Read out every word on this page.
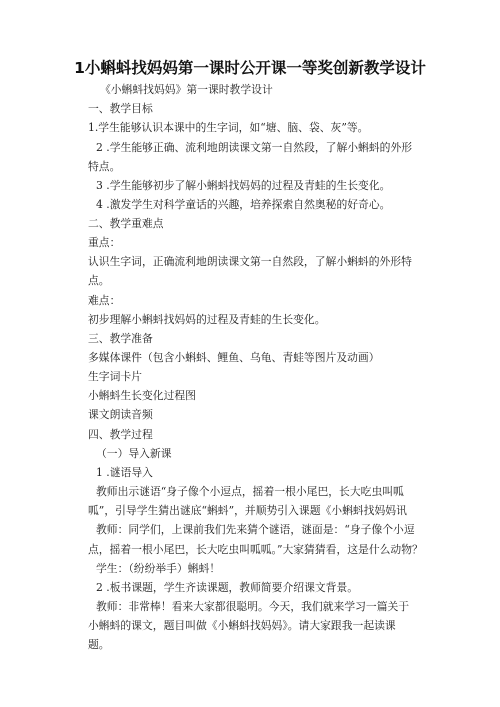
1小蝌蚪找妈妈第一课时公开课一等奖创新教学设计
《小蝌蚪找妈妈》第一课时教学设计
一、教学目标
1.学生能够认识本课中的生字词，如“塘、脑、袋、灰”等。
2 .学生能够正确、流利地朗读课文第一自然段，了解小蝌蚪的外形
特点。
3 .学生能够初步了解小蝌蚪找妈妈的过程及青蛙的生长变化。
4 .激发学生对科学童话的兴趣，培养探索自然奥秘的好奇心。
二、教学重难点
重点：
认识生字词，正确流利地朗读课文第一自然段，了解小蝌蚪的外形特
点。
难点：
初步理解小蝌蚪找妈妈的过程及青蛙的生长变化。
三、教学准备
多媒体课件（包含小蝌蚪、鲤鱼、乌龟、青蛙等图片及动画）
生字词卡片
小蝌蚪生长变化过程图
课文朗读音频
四、教学过程
（一）导入新课
1 .谜语导入
教师出示谜语“身子像个小逗点，摇着一根小尾巴，长大吃虫叫呱
呱”，引导学生猜出谜底“蝌蚪”，并顺势引入课题《小蝌蚪找妈妈讯
教师：同学们，上课前我们先来猜个谜语，谜面是：“身子像个小逗
点，摇着一根小尾巴，长大吃虫叫呱呱。”大家猜猜看，这是什么动物？
学生：（纷纷举手）蝌蚪！
2 .板书课题，学生齐读课题，教师简要介绍课文背景。
教师：非常棒！看来大家都很聪明。今天，我们就来学习一篇关于
小蝌蚪的课文，题目叫做《小蝌蚪找妈妈》。请大家跟我一起读课
题。
